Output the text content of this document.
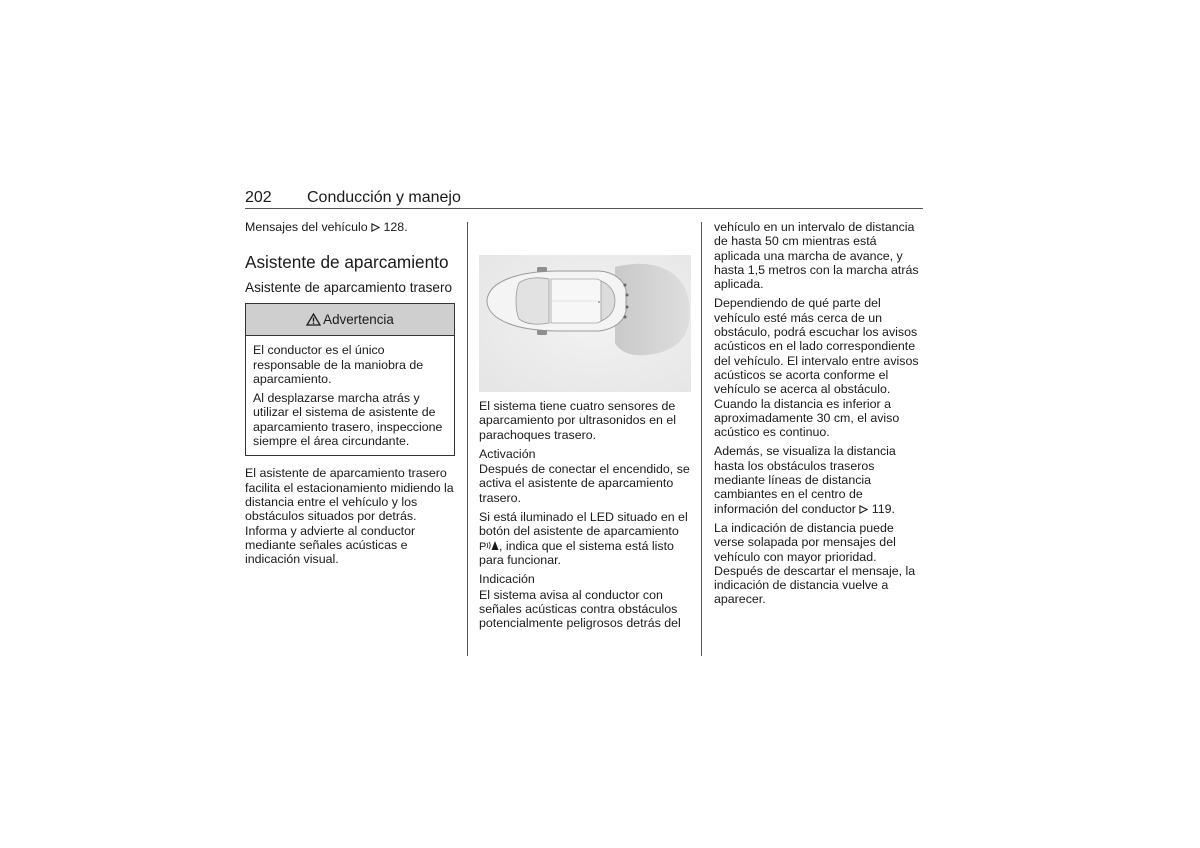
202 Conducción y manejo

Mensajes del vehículo 128.

Asistente de aparcamiento
Asistente de aparcamiento trasero
Advertencia

El conductor es el único responsable de la maniobra de aparcamiento.

Al desplazarse marcha atrás y utilizar el sistema de asistente de aparcamiento trasero, inspeccione siempre el área circundante.

El asistente de aparcamiento trasero facilita el estacionamiento midiendo la distancia entre el vehículo y los obstáculos situados por detrás. Informa y advierte al conductor mediante señales acústicas e indicación visual.

El sistema tiene cuatro sensores de aparcamiento por ultrasonidos en el parachoques trasero.

Activación

Después de conectar el encendido, se activa el asistente de aparcamiento trasero.

Si está iluminado el LED situado en el botón del asistente de aparcamiento
P , indica que el sistema está listo para funcionar.

Indicación

El sistema avisa al conductor con señales acústicas contra obstáculos potencialmente peligrosos detrás del

vehículo en un intervalo de distancia de hasta 50 cm mientras está aplicada una marcha de avance, y hasta 1,5 metros con la marcha atrás aplicada.

Dependiendo de qué parte del vehículo esté más cerca de un obstáculo, podrá escuchar los avisos acústicos en el lado correspondiente del vehículo. El intervalo entre avisos acústicos se acorta conforme el vehículo se acerca al obstáculo. Cuando la distancia es inferior a aproximadamente 30 cm, el aviso acústico es continuo.

Además, se visualiza la distancia hasta los obstáculos traseros mediante líneas de distancia cambiantes en el centro de información del conductor 119.

La indicación de distancia puede verse solapada por mensajes del vehículo con mayor prioridad. Después de descartar el mensaje, la indicación de distancia vuelve a aparecer.
